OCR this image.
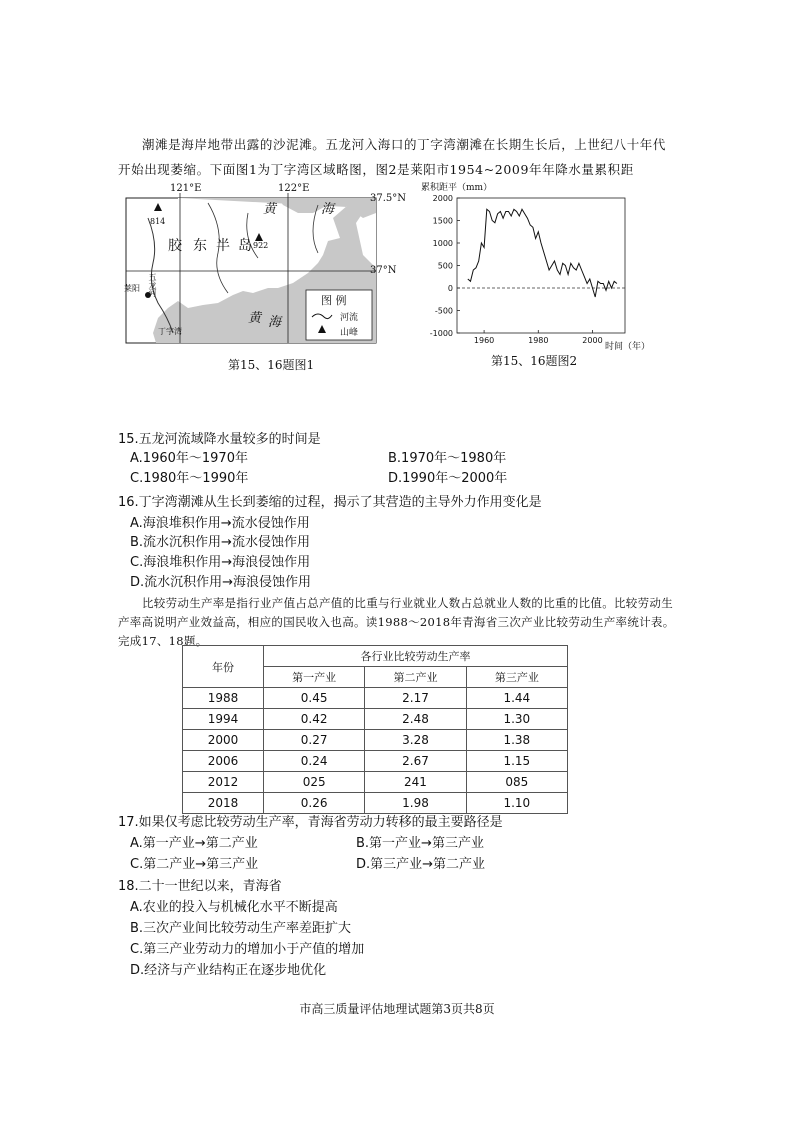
潮滩是海岸地带出露的沙泥滩。五龙河入海口的丁字湾潮滩在长期生长后，上世纪八十年代开始出现萎缩。下面图1为丁字湾区域略图，图2是莱阳市1954~2009年年降水量累积距
121°E	122°E
37.5°N
37°N
黄	海
黄 海
胶 东 半 岛
814
922
五龙河
莱阳
丁字湾
图 例
河流
山峰
第15、16题图1
累积距平（mm）
2000
1500
1000
500
0
-500
-1000
1960	1980	2000
时间（年）
第15、16题图2
15.五龙河流域降水量较多的时间是
A.1960年～1970年	B.1970年～1980年
C.1980年～1990年	D.1990年～2000年
16.丁字湾潮滩从生长到萎缩的过程，揭示了其营造的主导外力作用变化是
A.海浪堆积作用→流水侵蚀作用
B.流水沉积作用→流水侵蚀作用
C.海浪堆积作用→海浪侵蚀作用
D.流水沉积作用→海浪侵蚀作用
比较劳动生产率是指行业产值占总产值的比重与行业就业人数占总就业人数的比重的比值。比较劳动生产率高说明产业效益高，相应的国民收入也高。读1988～2018年青海省三次产业比较劳动生产率统计表。完成17、18题。
年份	各行业比较劳动生产率		
	第一产业	第二产业	第三产业
1988	0.45	2.17	1.44
1994	0.42	2.48	1.30
2000	0.27	3.28	1.38
2006	0.24	2.67	1.15
2012	025	241	085
2018	0.26	1.98	1.10
17.如果仅考虑比较劳动生产率，青海省劳动力转移的最主要路径是
A.第一产业→第二产业	B.第一产业→第三产业
C.第二产业→第三产业	D.第三产业→第二产业
18.二十一世纪以来，青海省
A.农业的投入与机械化水平不断提高
B.三次产业间比较劳动生产率差距扩大
C.第三产业劳动力的增加小于产值的增加
D.经济与产业结构正在逐步地优化
市高三质量评估地理试题第3页共8页
